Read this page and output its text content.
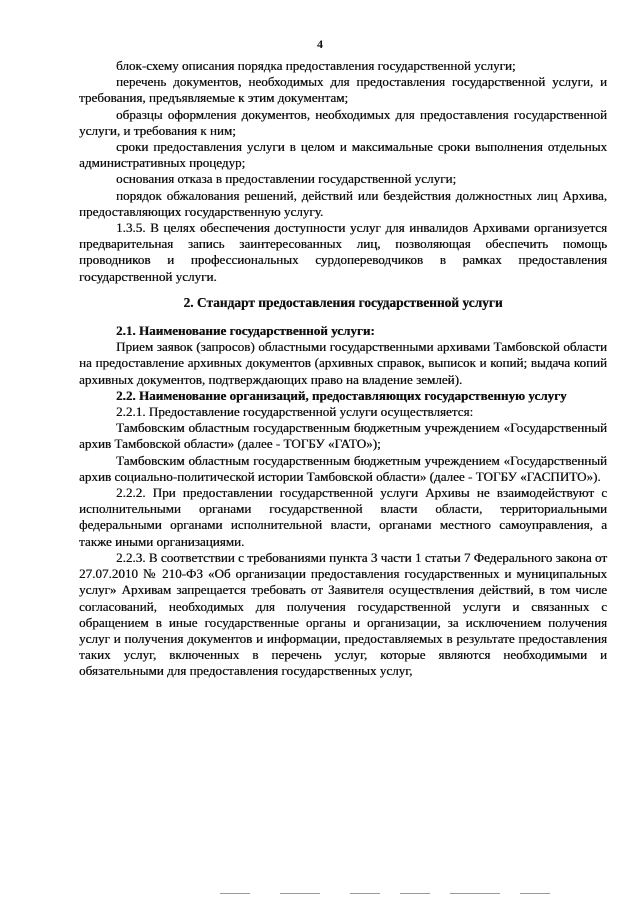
4

блок-схему описания порядка предоставления государственной услуги;

перечень документов, необходимых для предоставления государственной услуги, и требования, предъявляемые к этим документам;

образцы оформления документов, необходимых для предоставления государственной услуги, и требования к ним;

сроки предоставления услуги в целом и максимальные сроки выполнения отдельных административных процедур;

основания отказа в предоставлении государственной услуги;

порядок обжалования решений, действий или бездействия должностных лиц Архива, предоставляющих государственную услугу.

1.3.5. В целях обеспечения доступности услуг для инвалидов Архивами организуется предварительная запись заинтересованных лиц, позволяющая обеспечить помощь проводников и профессиональных сурдопереводчиков в рамках предоставления государственной услуги.

2. Стандарт предоставления государственной услуги

2.1. Наименование государственной услуги:

Прием заявок (запросов) областными государственными архивами Тамбовской области на предоставление архивных документов (архивных справок, выписок и копий; выдача копий архивных документов, подтверждающих право на владение землей).

2.2. Наименование организаций, предоставляющих государственную услугу

2.2.1. Предоставление государственной услуги осуществляется:

Тамбовским областным государственным бюджетным учреждением «Государственный архив Тамбовской области» (далее - ТОГБУ «ГАТО»);

Тамбовским областным государственным бюджетным учреждением «Государственный архив социально-политической истории Тамбовской области» (далее - ТОГБУ «ГАСПИТО»).

2.2.2. При предоставлении государственной услуги Архивы не взаимодействуют с исполнительными органами государственной власти области, территориальными федеральными органами исполнительной власти, органами местного самоуправления, а также иными организациями.

2.2.3. В соответствии с требованиями пункта 3 части 1 статьи 7 Федерального закона от 27.07.2010 № 210-ФЗ «Об организации предоставления государственных и муниципальных услуг» Архивам запрещается требовать от Заявителя осуществления действий, в том числе согласований, необходимых для получения государственной услуги и связанных с обращением в иные государственные органы и организации, за исключением получения услуг и получения документов и информации, предоставляемых в результате предоставления таких услуг, включенных в перечень услуг, которые являются необходимыми и обязательными для предоставления государственных услуг,
